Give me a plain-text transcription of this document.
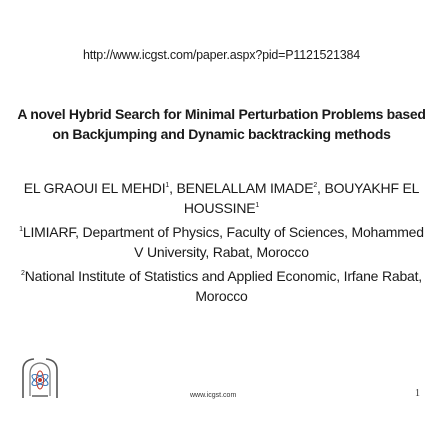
http://www.icgst.com/paper.aspx?pid=P1121521384
A novel Hybrid Search for Minimal Perturbation Problems based on Backjumping and Dynamic backtracking methods
EL GRAOUI EL MEHDI$^1$, BENELALLAM IMADE$^2$, BOUYAKHF EL HOUSSINE$^1$
$^1$LIMIARF, Department of Physics, Faculty of Sciences, Mohammed V University, Rabat, Morocco
$^2$National Institute of Statistics and Applied Economic, Irfane Rabat, Morocco
www.icgst.com	1
